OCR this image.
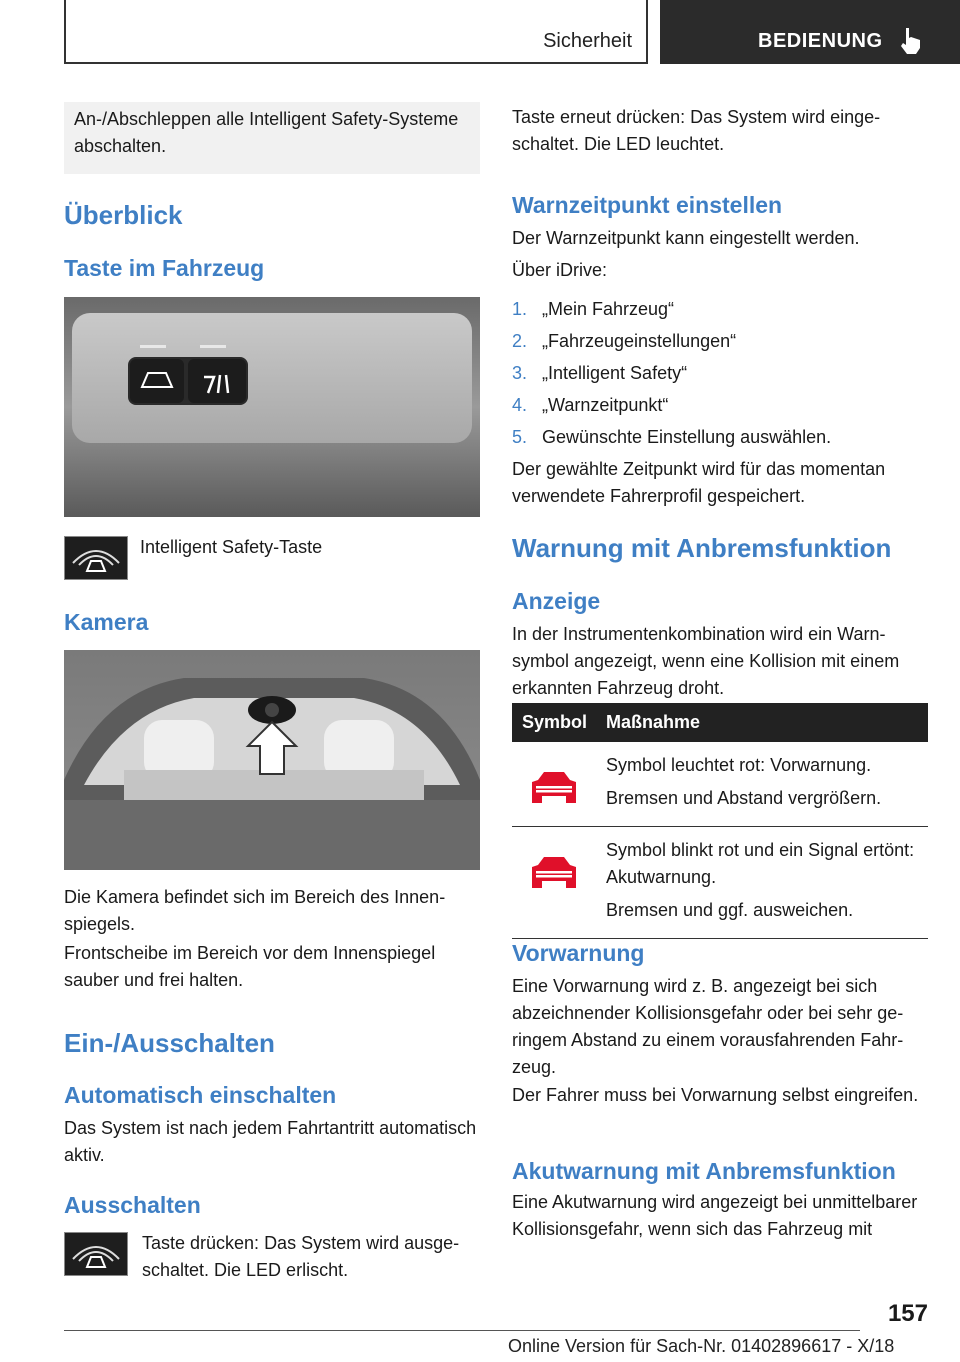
Sicherheit	BEDIENUNG
An-/Abschleppen alle Intelligent Safety-Systeme abschalten.
Überblick
Taste im Fahrzeug

Intelligent Safety-Taste

Kamera

Die Kamera befindet sich im Bereich des Innenspiegels.

Frontscheibe im Bereich vor dem Innenspiegel sauber und frei halten.

Ein-/Ausschalten
Automatisch einschalten

Das System ist nach jedem Fahrtantritt automatisch aktiv.

Ausschalten

Taste drücken: Das System wird ausgeschaltet. Die LED erlischt.

Taste erneut drücken: Das System wird eingeschaltet. Die LED leuchtet.

Warnzeitpunkt einstellen

Der Warnzeitpunkt kann eingestellt werden.

Über iDrive:

1. „Mein Fahrzeug“
2. „Fahrzeugeinstellungen“
3. „Intelligent Safety“
4. „Warnzeitpunkt“
5. Gewünschte Einstellung auswählen.

Der gewählte Zeitpunkt wird für das momentan verwendete Fahrerprofil gespeichert.

Warnung mit Anbremsfunktion
Anzeige

In der Instrumentenkombination wird ein Warnsymbol angezeigt, wenn eine Kollision mit einem erkannten Fahrzeug droht.

Symbol	Maßnahme

Symbol leuchtet rot: Vorwarnung.

Bremsen und Abstand vergrößern.

Symbol blinkt rot und ein Signal ertönt: Akutwarnung.

Bremsen und ggf. ausweichen.

Vorwarnung

Eine Vorwarnung wird z. B. angezeigt bei sich abzeichnender Kollisionsgefahr oder bei sehr geringem Abstand zu einem vorausfahrenden Fahrzeug.

Der Fahrer muss bei Vorwarnung selbst eingreifen.

Akutwarnung mit Anbremsfunktion

Eine Akutwarnung wird angezeigt bei unmittelbarer Kollisionsgefahr, wenn sich das Fahrzeug mit

157
Online Version für Sach-Nr. 01402896617 - X/18
